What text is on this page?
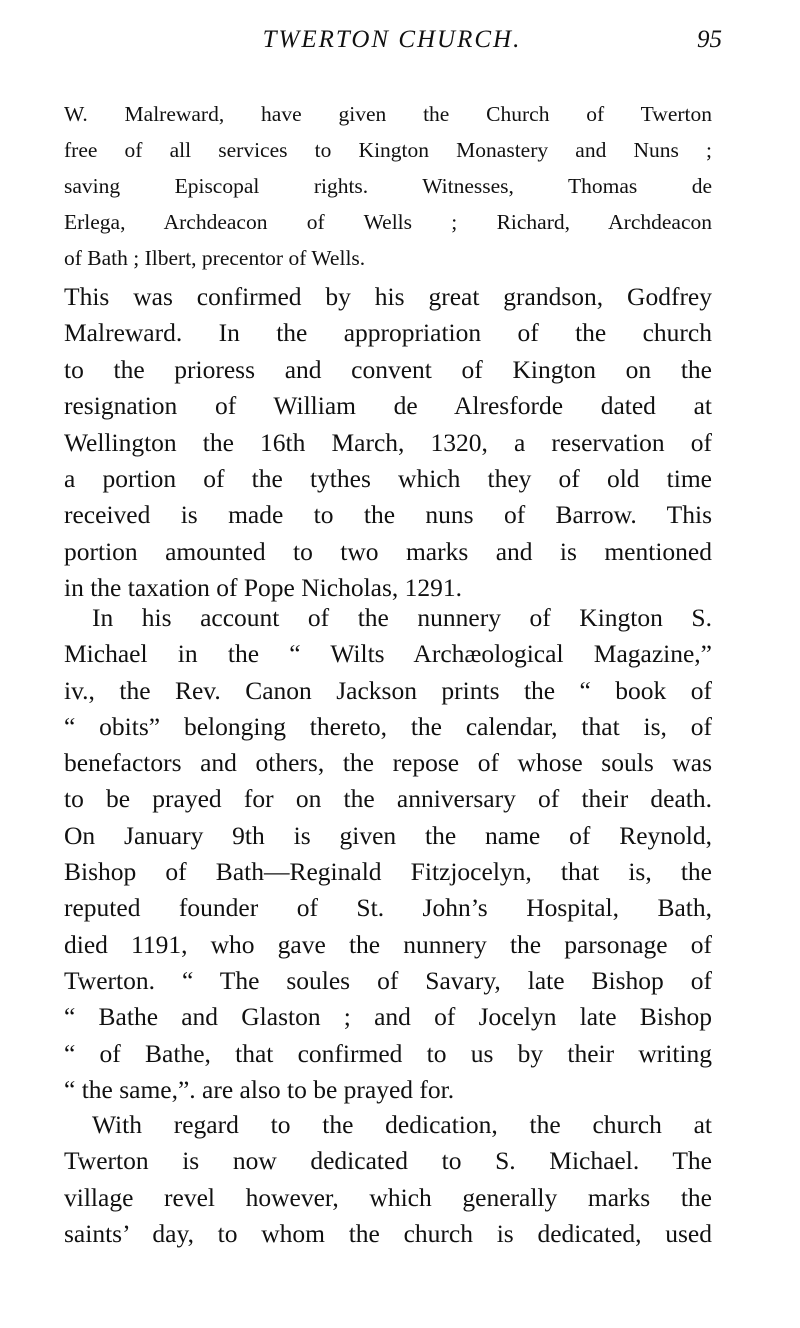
TWERTON CHURCH.	95
W. Malreward, have given the Church of Twerton
free of all services to Kington Monastery and Nuns ;
saving Episcopal rights. Witnesses, Thomas de
Erlega, Archdeacon of Wells ; Richard, Archdeacon
of Bath ; Ilbert, precentor of Wells.
This was confirmed by his great grandson, Godfrey
Malreward. In the appropriation of the church
to the prioress and convent of Kington on the
resignation of William de Alresforde dated at
Wellington the 16th March, 1320, a reservation of
a portion of the tythes which they of old time
received is made to the nuns of Barrow. This
portion amounted to two marks and is mentioned
in the taxation of Pope Nicholas, 1291.
In his account of the nunnery of Kington S.
Michael in the “ Wilts Archæological Magazine,”
iv., the Rev. Canon Jackson prints the “ book of
“ obits” belonging thereto, the calendar, that is, of
benefactors and others, the repose of whose souls was
to be prayed for on the anniversary of their death.
On January 9th is given the name of Reynold,
Bishop of Bath—Reginald Fitzjocelyn, that is, the
reputed founder of St. John’s Hospital, Bath,
died 1191, who gave the nunnery the parsonage of
Twerton. “ The soules of Savary, late Bishop of
“ Bathe and Glaston ; and of Jocelyn late Bishop
“ of Bathe, that confirmed to us by their writing
“ the same,”. are also to be prayed for.
With regard to the dedication, the church at
Twerton is now dedicated to S. Michael. The
village revel however, which generally marks the
saints’ day, to whom the church is dedicated, used
